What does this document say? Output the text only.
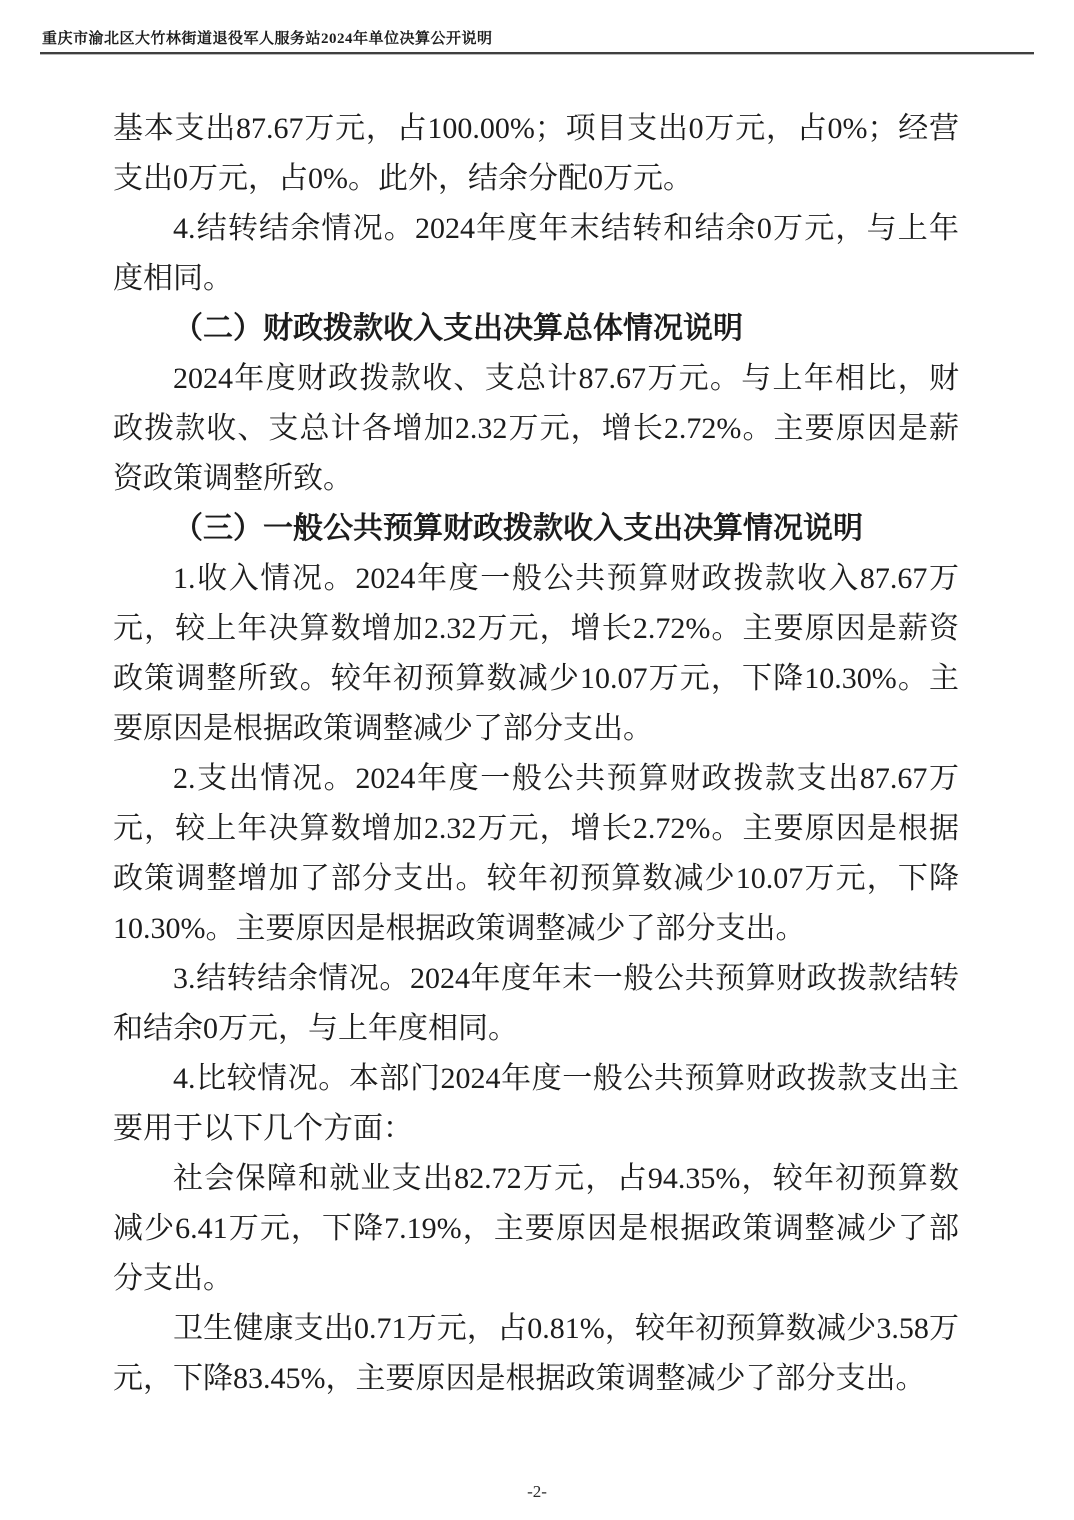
重庆市渝北区大竹林街道退役军人服务站2024年单位决算公开说明

基本支出87.67万元，占100.00%；项目支出0万元，占0%；经营支出0万元，占0%。此外，结余分配0万元。

4.结转结余情况。2024年度年末结转和结余0万元，与上年度相同。

（二）财政拨款收入支出决算总体情况说明

2024年度财政拨款收、支总计87.67万元。与上年相比，财政拨款收、支总计各增加2.32万元，增长2.72%。主要原因是薪资政策调整所致。

（三）一般公共预算财政拨款收入支出决算情况说明

1.收入情况。2024年度一般公共预算财政拨款收入87.67万元，较上年决算数增加2.32万元，增长2.72%。主要原因是薪资政策调整所致。较年初预算数减少10.07万元，下降10.30%。主要原因是根据政策调整减少了部分支出。

2.支出情况。2024年度一般公共预算财政拨款支出87.67万元，较上年决算数增加2.32万元，增长2.72%。主要原因是根据政策调整增加了部分支出。较年初预算数减少10.07万元，下降10.30%。主要原因是根据政策调整减少了部分支出。

3.结转结余情况。2024年度年末一般公共预算财政拨款结转和结余0万元，与上年度相同。

4.比较情况。本部门2024年度一般公共预算财政拨款支出主要用于以下几个方面：

社会保障和就业支出82.72万元，占94.35%，较年初预算数减少6.41万元，下降7.19%，主要原因是根据政策调整减少了部分支出。

卫生健康支出0.71万元，占0.81%，较年初预算数减少3.58万元，下降83.45%，主要原因是根据政策调整减少了部分支出。

-2-
